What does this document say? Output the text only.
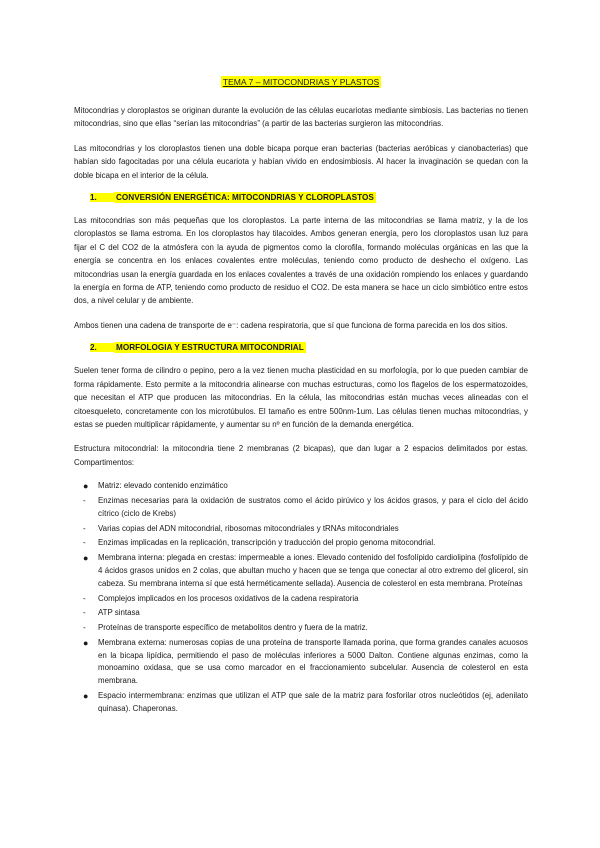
TEMA 7 – MITOCONDRIAS Y PLASTOS

Mitocondrias y cloroplastos se originan durante la evolución de las células eucariotas mediante simbiosis. Las bacterias no tienen mitocondrias, sino que ellas “serían las mitocondrias” (a partir de las bacterias surgieron las mitocondrias.

Las mitocondrias y los cloroplastos tienen una doble bicapa porque eran bacterias (bacterias aeróbicas y cianobacterias) que habían sido fagocitadas por una célula eucariota y habían vivido en endosimbiosis. Al hacer la invaginación se quedan con la doble bicapa en el interior de la célula.

1. CONVERSIÓN ENERGÉTICA: MITOCONDRIAS Y CLOROPLASTOS

Las mitocondrias son más pequeñas que los cloroplastos. La parte interna de las mitocondrias se llama matriz, y la de los cloroplastos se llama estroma. En los cloroplastos hay tilacoides. Ambos generan energía, pero los cloroplastos usan luz para fijar el C del CO2 de la atmósfera con la ayuda de pigmentos como la clorofila, formando moléculas orgánicas en las que la energía se concentra en los enlaces covalentes entre moléculas, teniendo como producto de deshecho el oxígeno. Las mitocondrias usan la energía guardada en los enlaces covalentes a través de una oxidación rompiendo los enlaces y guardando la energía en forma de ATP, teniendo como producto de residuo el CO2. De esta manera se hace un ciclo simbiótico entre estos dos, a nivel celular y de ambiente.

Ambos tienen una cadena de transporte de e⁻: cadena respiratoria, que sí que funciona de forma parecida en los dos sitios.

2. MORFOLOGIA Y ESTRUCTURA MITOCONDRIAL

Suelen tener forma de cilindro o pepino, pero a la vez tienen mucha plasticidad en su morfología, por lo que pueden cambiar de forma rápidamente. Esto permite a la mitocondria alinearse con muchas estructuras, como los flagelos de los espermatozoides, que necesitan el ATP que producen las mitocondrias. En la célula, las mitocondrias están muchas veces alineadas con el citoesqueleto, concretamente con los microtúbulos. El tamaño es entre 500nm-1um. Las células tienen muchas mitocondrias, y estas se pueden multiplicar rápidamente, y aumentar su nº en función de la demanda energética.

Estructura mitocondrial: la mitocondria tiene 2 membranas (2 bicapas), que dan lugar a 2 espacios delimitados por estas. Compartimentos:

●	Matriz: elevado contenido enzimático
-	Enzimas necesarias para la oxidación de sustratos como el ácido pirúvico y los ácidos grasos, y para el ciclo del ácido cítrico (ciclo de Krebs)
-	Varias copias del ADN mitocondrial, ribosomas mitocondriales y tRNAs mitocondriales
-	Enzimas implicadas en la replicación, transcripción y traducción del propio genoma mitocondrial.
●	Membrana interna: plegada en crestas: impermeable a iones. Elevado contenido del fosfolípido cardiolipina (fosfolípido de 4 ácidos grasos unidos en 2 colas, que abultan mucho y hacen que se tenga que conectar al otro extremo del glicerol, sin cabeza. Su membrana interna sí que está herméticamente sellada). Ausencia de colesterol en esta membrana. Proteínas
-	Complejos implicados en los procesos oxidativos de la cadena respiratoria
-	ATP sintasa
-	Proteínas de transporte específico de metabolitos dentro y fuera de la matriz.
●	Membrana externa: numerosas copias de una proteína de transporte llamada porina, que forma grandes canales acuosos en la bicapa lipídica, permitiendo el paso de moléculas inferiores a 5000 Dalton. Contiene algunas enzimas, como la monoamino oxidasa, que se usa como marcador en el fraccionamiento subcelular. Ausencia de colesterol en esta membrana.
●	Espacio intermembrana: enzimas que utilizan el ATP que sale de la matriz para fosforilar otros nucleótidos (ej, adenilato quinasa). Chaperonas.
